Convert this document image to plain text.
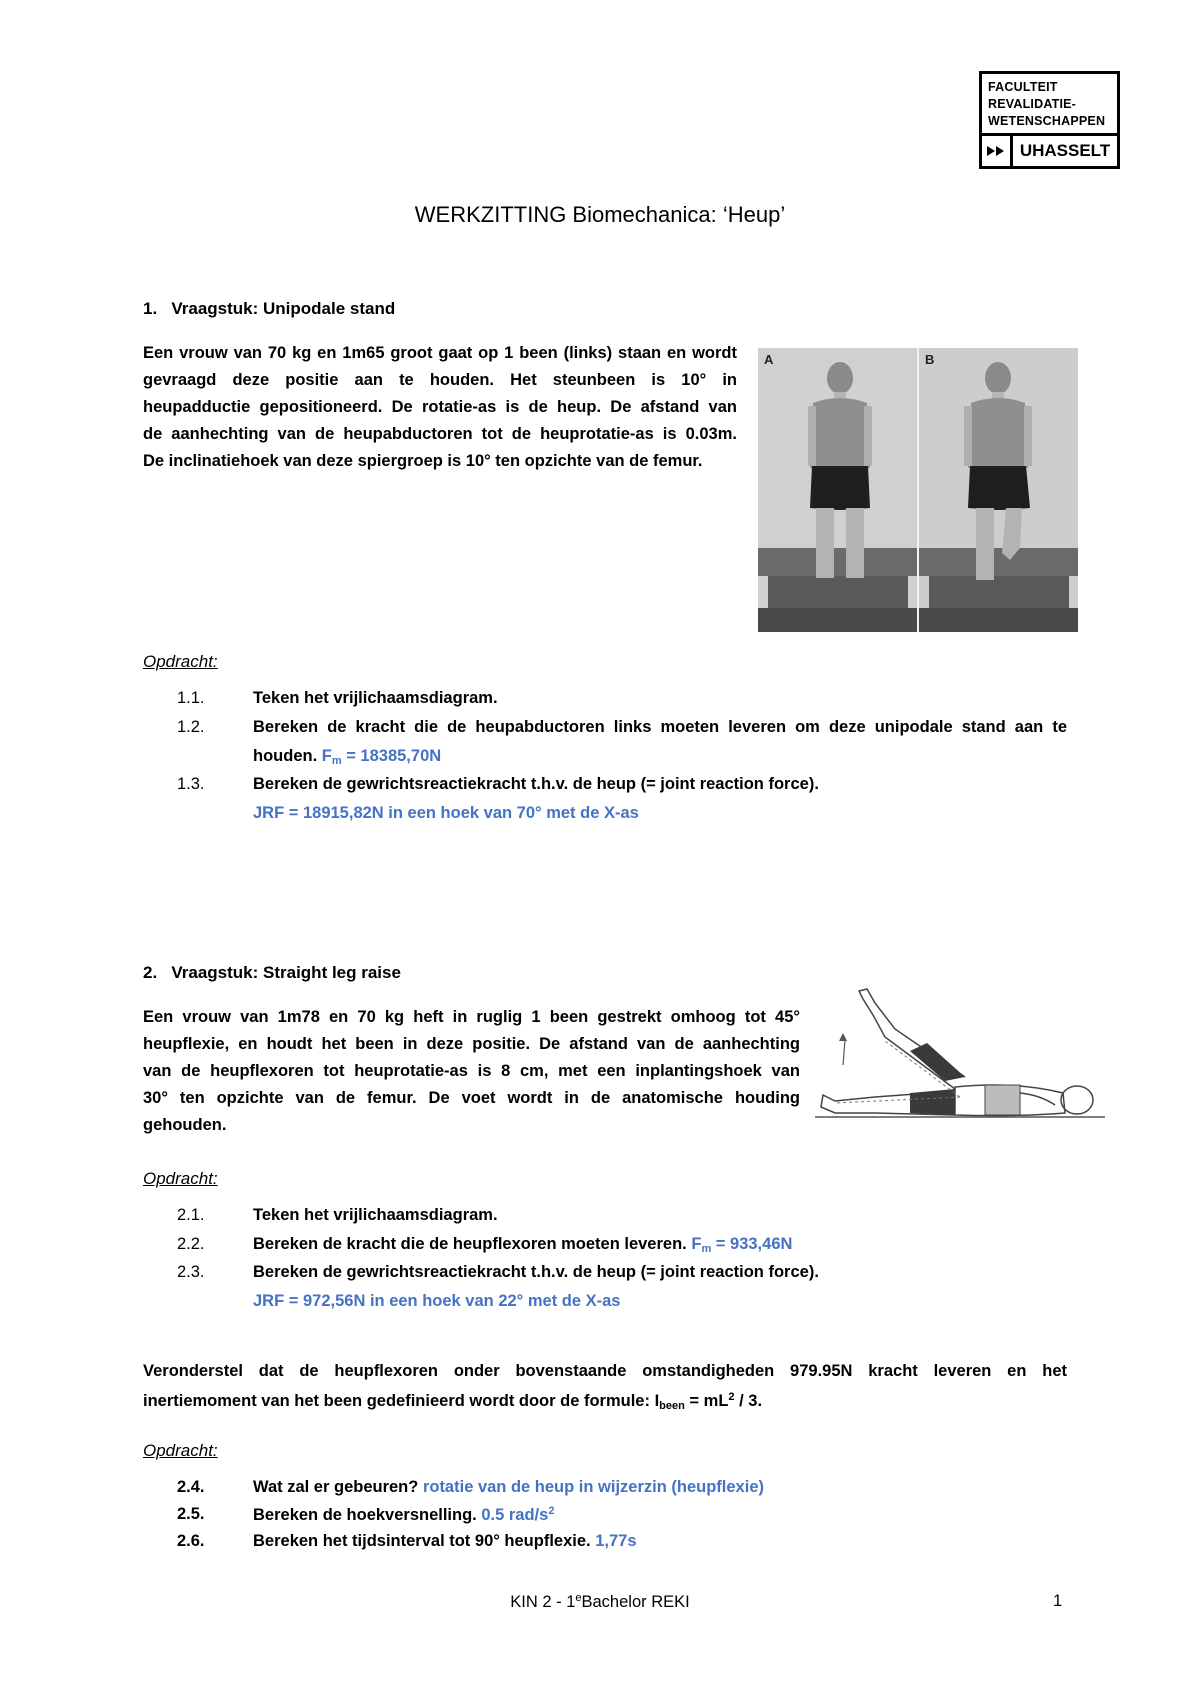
FACULTEIT
REVALIDATIE-
WETENSCHAPPEN
UHASSELT
WERKZITTING Biomechanica: ‘Heup’
1. Vraagstuk: Unipodale stand
Een vrouw van 70 kg en 1m65 groot gaat op 1 been (links) staan en wordt
gevraagd deze positie aan te houden. Het steunbeen is 10° in
heupadductie gepositioneerd. De rotatie-as is de heup. De afstand van
de aanhechting van de heupabductoren tot de heuprotatie-as is 0.03m.
De inclinatiehoek van deze spiergroep is 10° ten opzichte van de femur.
A	B
Opdracht:
1.1.	Teken het vrijlichaamsdiagram.
1.2.	Bereken de kracht die de heupabductoren links moeten leveren om deze unipodale stand aan te
houden. $F_m = 18385,70N$
1.3.	Bereken de gewrichtsreactiekracht t.h.v. de heup (= joint reaction force).
JRF = 18915,82N in een hoek van 70° met de X-as
2. Vraagstuk: Straight leg raise
Een vrouw van 1m78 en 70 kg heft in ruglig 1 been gestrekt omhoog tot 45°
heupflexie, en houdt het been in deze positie. De afstand van de aanhechting
van de heupflexoren tot heuprotatie-as is 8 cm, met een inplantingshoek van
30° ten opzichte van de femur. De voet wordt in de anatomische houding
gehouden.
Opdracht:
2.1.	Teken het vrijlichaamsdiagram.
2.2.	Bereken de kracht die de heupflexoren moeten leveren. $F_m = 933,46N$
2.3.	Bereken de gewrichtsreactiekracht t.h.v. de heup (= joint reaction force).
JRF = 972,56N in een hoek van 22° met de X-as
Veronderstel dat de heupflexoren onder bovenstaande omstandigheden 979.95N kracht leveren en het
inertiemoment van het been gedefinieerd wordt door de formule: $I_{been} = mL^2 / 3$.
Opdracht:
2.4.	Wat zal er gebeuren? rotatie van de heup in wijzerzin (heupflexie)
2.5.	Bereken de hoekversnelling. 0.5 rad/$s^2$
2.6.	Bereken het tijdsinterval tot 90° heupflexie. 1,77s
KIN 2 - 1eBachelor REKI	1
